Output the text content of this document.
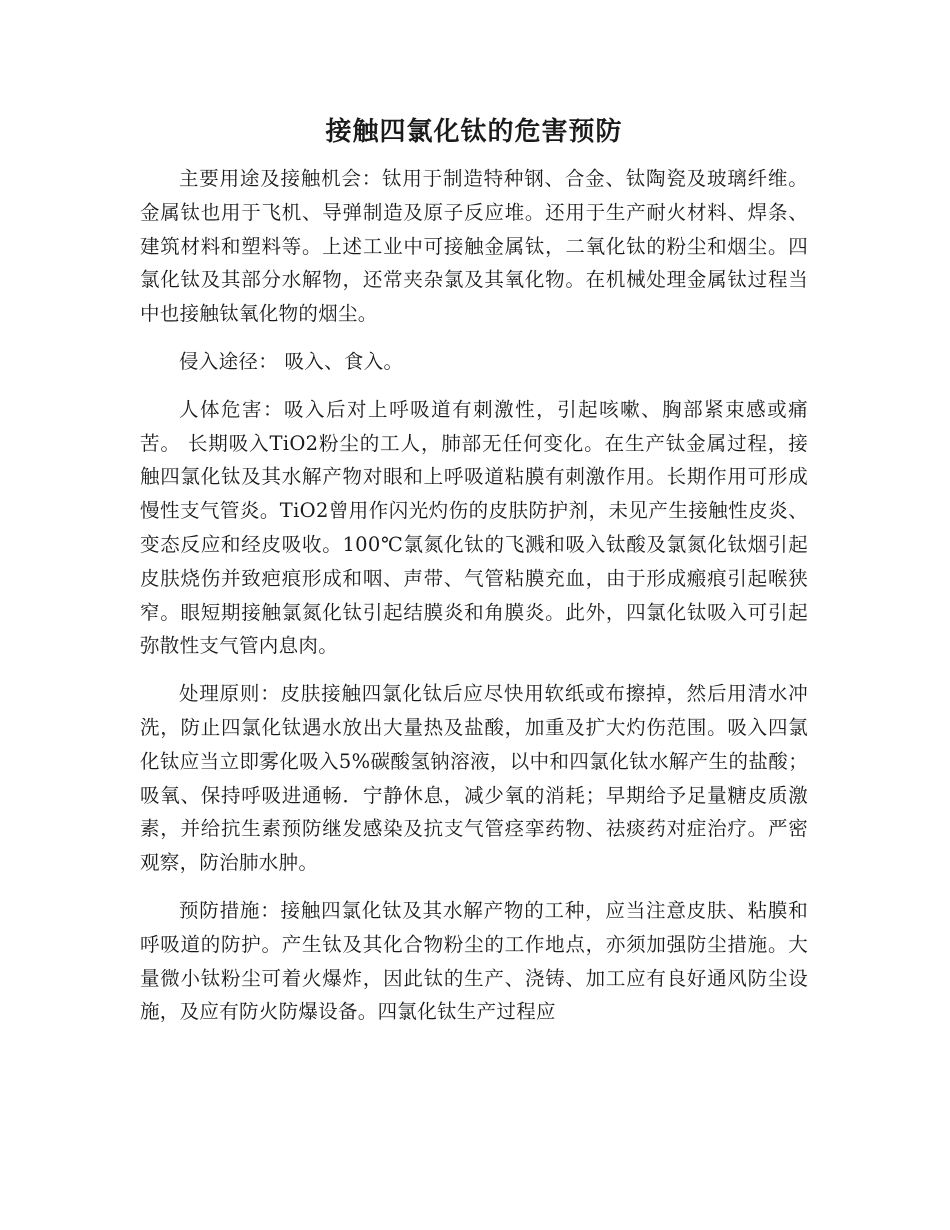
接触四氯化钛的危害预防

主要用途及接触机会：钛用于制造特种钢、合金、钛陶瓷及玻璃纤维。金属钛也用于飞机、导弹制造及原子反应堆。还用于生产耐火材料、焊条、建筑材料和塑料等。上述工业中可接触金属钛，二氧化钛的粉尘和烟尘。四氯化钛及其部分水解物，还常夹杂氯及其氧化物。在机械处理金属钛过程当中也接触钛氧化物的烟尘。

侵入途径： 吸入、食入。

人体危害：吸入后对上呼吸道有刺激性，引起咳嗽、胸部紧束感或痛苦。 长期吸入TiO2粉尘的工人，肺部无任何变化。在生产钛金属过程，接触四氯化钛及其水解产物对眼和上呼吸道粘膜有刺激作用。长期作用可形成慢性支气管炎。TiO2曾用作闪光灼伤的皮肤防护剂，未见产生接触性皮炎、变态反应和经皮吸收。100℃氯氮化钛的飞溅和吸入钛酸及氯氮化钛烟引起皮肤烧伤并致疤痕形成和咽、声带、气管粘膜充血，由于形成瘢痕引起喉狭窄。眼短期接触氯氮化钛引起结膜炎和角膜炎。此外，四氯化钛吸入可引起弥散性支气管内息肉。

处理原则：皮肤接触四氯化钛后应尽快用软纸或布擦掉，然后用清水冲洗，防止四氯化钛遇水放出大量热及盐酸，加重及扩大灼伤范围。吸入四氯化钛应当立即雾化吸入5%碳酸氢钠溶液，以中和四氯化钛水解产生的盐酸；吸氧、保持呼吸进通畅．宁静休息，减少氧的消耗；早期给予足量糖皮质激素，并给抗生素预防继发感染及抗支气管痉挛药物、祛痰药对症治疗。严密观察，防治肺水肿。

预防措施：接触四氯化钛及其水解产物的工种，应当注意皮肤、粘膜和呼吸道的防护。产生钛及其化合物粉尘的工作地点，亦须加强防尘措施。大量微小钛粉尘可着火爆炸，因此钛的生产、浇铸、加工应有良好通风防尘设施，及应有防火防爆设备。四氯化钛生产过程应
